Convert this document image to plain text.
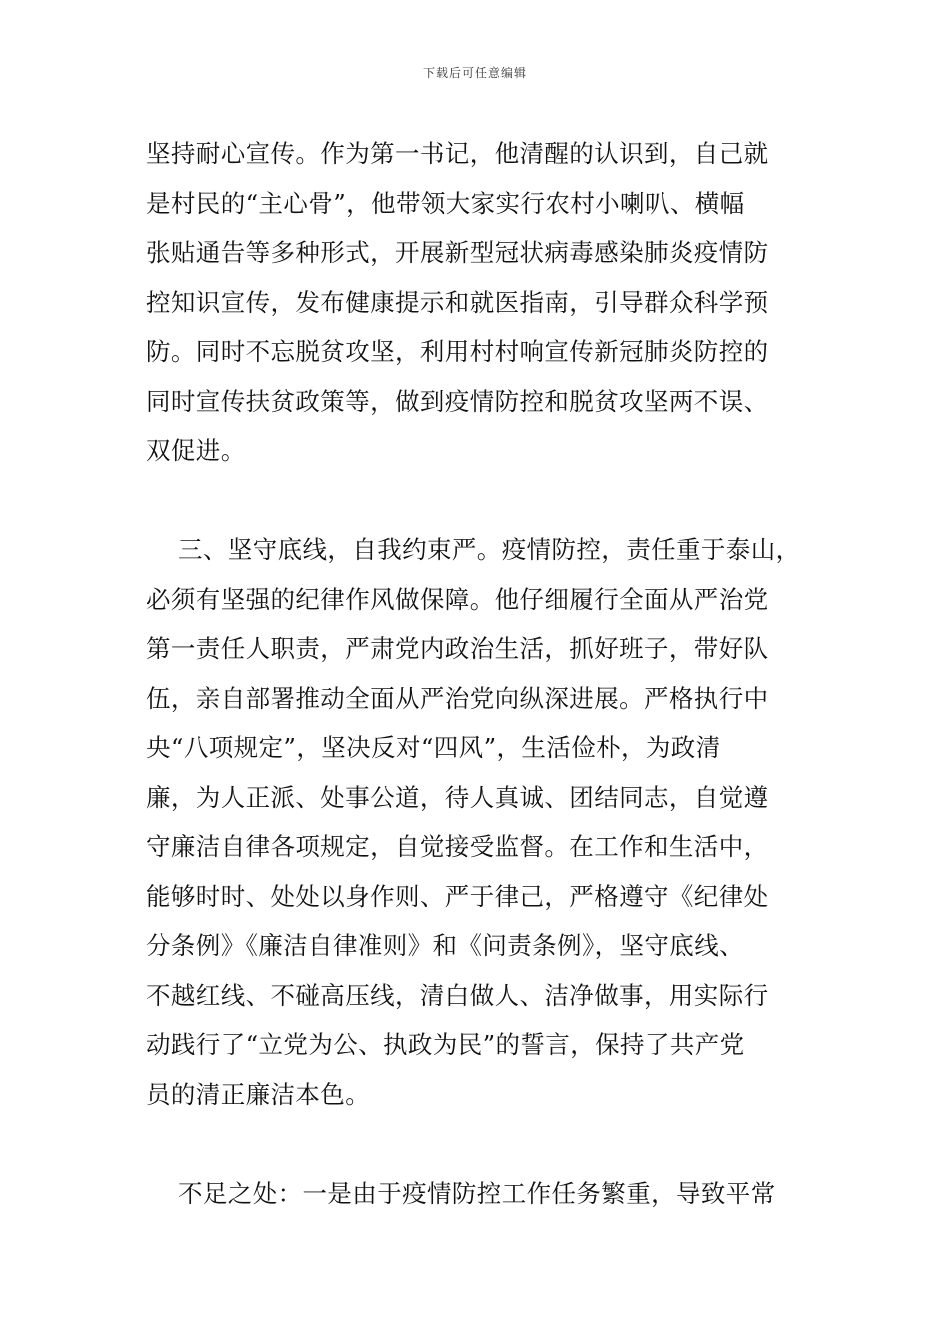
下载后可任意编辑
坚持耐心宣传。作为第一书记，他清醒的认识到，自己就
是村民的“主心骨”，他带领大家实行农村小喇叭、横幅
张贴通告等多种形式，开展新型冠状病毒感染肺炎疫情防
控知识宣传，发布健康提示和就医指南，引导群众科学预
防。同时不忘脱贫攻坚，利用村村响宣传新冠肺炎防控的
同时宣传扶贫政策等，做到疫情防控和脱贫攻坚两不误、
双促进。
三、坚守底线，自我约束严。疫情防控，责任重于泰山，
必须有坚强的纪律作风做保障。他仔细履行全面从严治党
第一责任人职责，严肃党内政治生活，抓好班子，带好队
伍，亲自部署推动全面从严治党向纵深进展。严格执行中
央“八项规定”，坚决反对“四风”，生活俭朴，为政清
廉，为人正派、处事公道，待人真诚、团结同志，自觉遵
守廉洁自律各项规定，自觉接受监督。在工作和生活中，
能够时时、处处以身作则、严于律己，严格遵守《纪律处
分条例》《廉洁自律准则》和《问责条例》，坚守底线、
不越红线、不碰高压线，清白做人、洁净做事，用实际行
动践行了“立党为公、执政为民”的誓言，保持了共产党
员的清正廉洁本色。
不足之处：一是由于疫情防控工作任务繁重，导致平常
